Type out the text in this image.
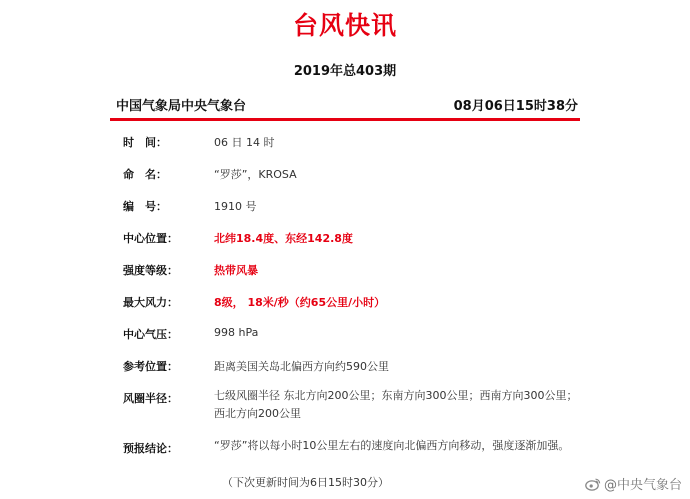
台风快讯
2019年总403期
中国气象局中央气象台	08月06日15时38分
时　间：	06 日 14 时
命　名：	“罗莎”，KROSA
编　号：	1910 号
中心位置：	北纬18.4度、东经142.8度
强度等级：	热带风暴
最大风力：	8级， 18米/秒（约65公里/小时）
中心气压：	998 hPa
参考位置：	距离美国关岛北偏西方向约590公里
风圈半径：	七级风圈半径 东北方向200公里；东南方向300公里；西南方向300公里；西北方向200公里
预报结论：	“罗莎”将以每小时10公里左右的速度向北偏西方向移动，强度逐渐加强。
（下次更新时间为6日15时30分）	@中央气象台
